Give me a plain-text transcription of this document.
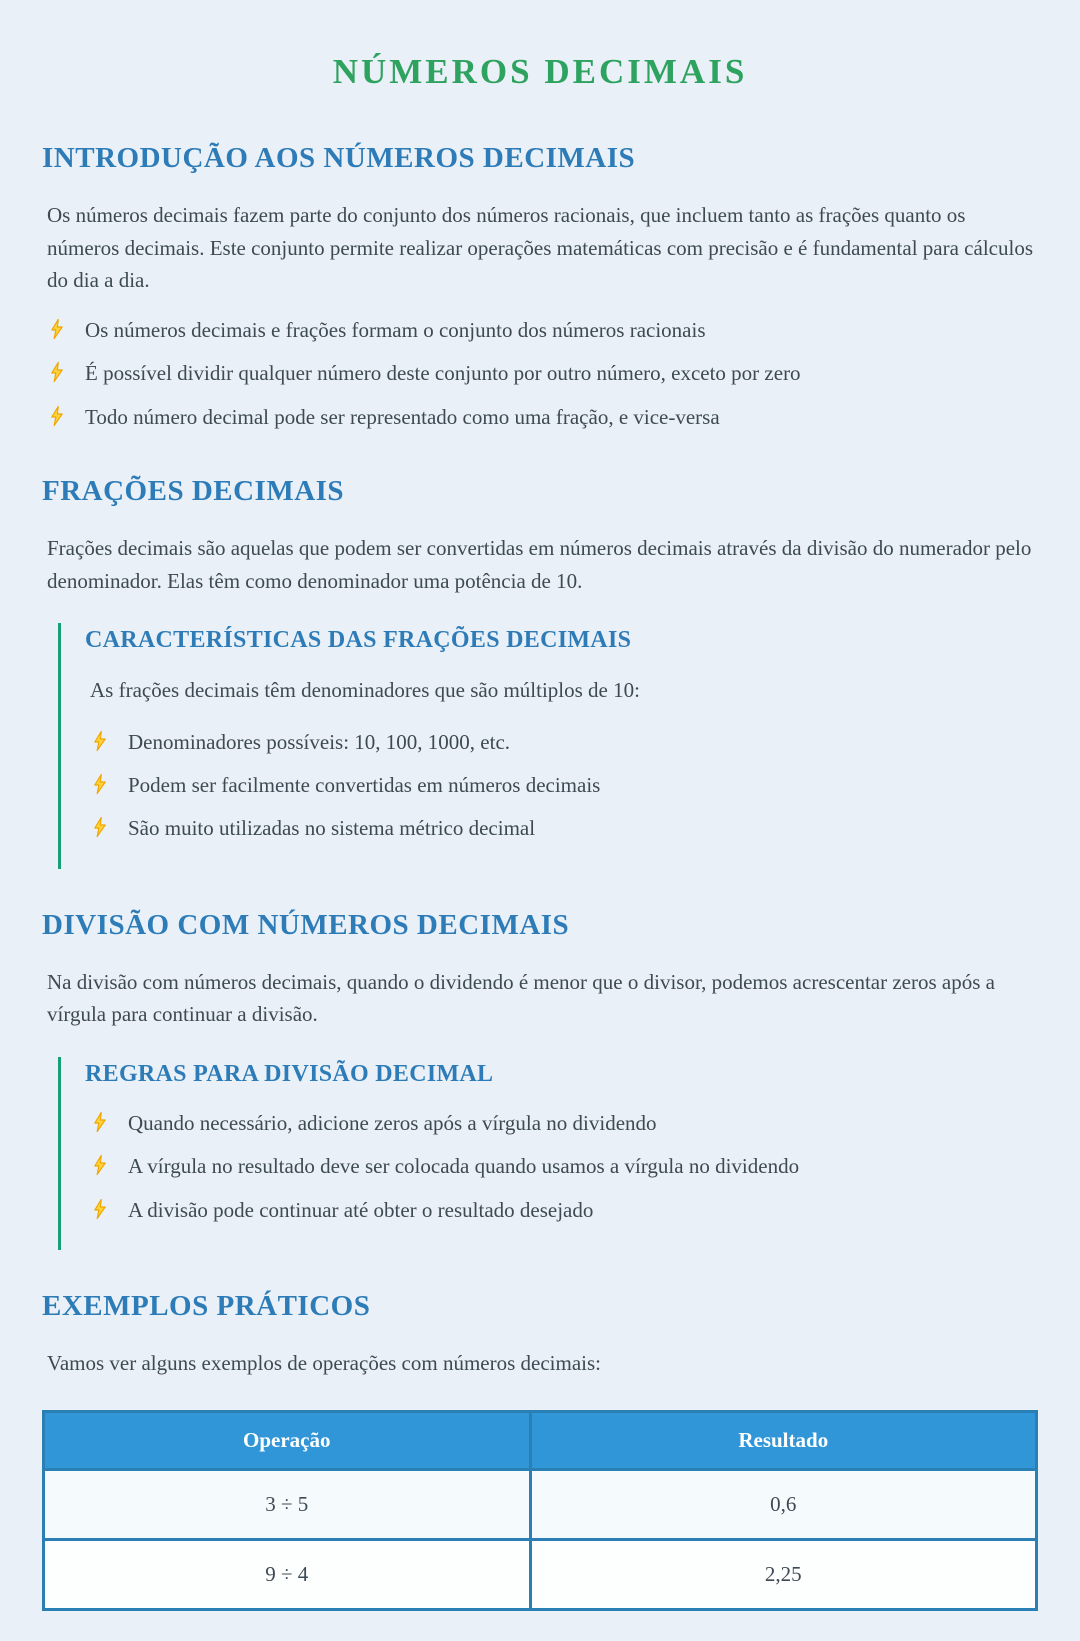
NÚMEROS DECIMAIS
INTRODUÇÃO AOS NÚMEROS DECIMAIS

Os números decimais fazem parte do conjunto dos números racionais, que incluem tanto as frações quanto os números decimais. Este conjunto permite realizar operações matemáticas com precisão e é fundamental para cálculos do dia a dia.

Os números decimais e frações formam o conjunto dos números racionais
É possível dividir qualquer número deste conjunto por outro número, exceto por zero
Todo número decimal pode ser representado como uma fração, e vice-versa
FRAÇÕES DECIMAIS

Frações decimais são aquelas que podem ser convertidas em números decimais através da divisão do numerador pelo denominador. Elas têm como denominador uma potência de 10.

CARACTERÍSTICAS DAS FRAÇÕES DECIMAIS

As frações decimais têm denominadores que são múltiplos de 10:

Denominadores possíveis: 10, 100, 1000, etc.
Podem ser facilmente convertidas em números decimais
São muito utilizadas no sistema métrico decimal
DIVISÃO COM NÚMEROS DECIMAIS

Na divisão com números decimais, quando o dividendo é menor que o divisor, podemos acrescentar zeros após a vírgula para continuar a divisão.

REGRAS PARA DIVISÃO DECIMAL
Quando necessário, adicione zeros após a vírgula no dividendo
A vírgula no resultado deve ser colocada quando usamos a vírgula no dividendo
A divisão pode continuar até obter o resultado desejado
EXEMPLOS PRÁTICOS

Vamos ver alguns exemplos de operações com números decimais:

Operação	Resultado
3 ÷ 5	0,6
9 ÷ 4	2,25
